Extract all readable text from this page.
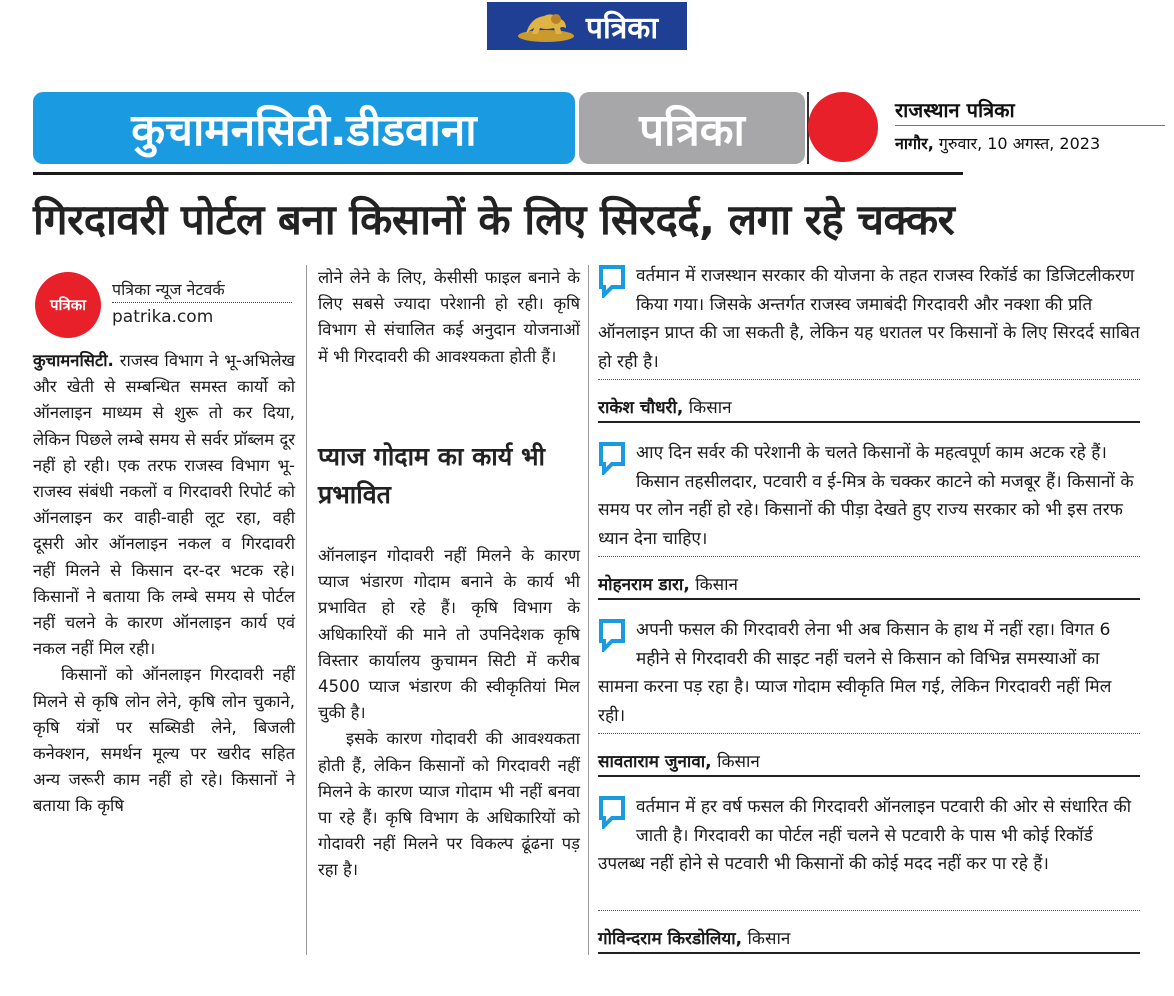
पत्रिका
कुचामनसिटी.डीडवाना	पत्रिका	राजस्थान पत्रिका
नागौर, गुरुवार, 10 अगस्त, 2023
गिरदावरी पोर्टल बना किसानों के लिए सिरदर्द, लगा रहे चक्कर
पत्रिका
पत्रिका न्यूज नेटवर्क
patrika.com

कुचामनसिटी. राजस्व विभाग ने भू-अभिलेख और खेती से सम्बन्धित समस्त कार्यो को ऑनलाइन माध्यम से शुरू तो कर दिया, लेकिन पिछले लम्बे समय से सर्वर प्रॉब्लम दूर नहीं हो रही। एक तरफ राजस्व विभाग भू-राजस्व संबंधी नकलों व गिरदावरी रिपोर्ट को ऑनलाइन कर वाही-वाही लूट रहा, वही दूसरी ओर ऑनलाइन नकल व गिरदावरी नहीं मिलने से किसान दर-दर भटक रहे। किसानों ने बताया कि लम्बे समय से पोर्टल नहीं चलने के कारण ऑनलाइन कार्य एवं नकल नहीं मिल रही।

किसानों को ऑनलाइन गिरदावरी नहीं मिलने से कृषि लोन लेने, कृषि लोन चुकाने, कृषि यंत्रों पर सब्सिडी लेने, बिजली कनेक्शन, समर्थन मूल्य पर खरीद सहित अन्य जरूरी काम नहीं हो रहे। किसानों ने बताया कि कृषि

लोने लेने के लिए, केसीसी फाइल बनाने के लिए सबसे ज्यादा परेशानी हो रही। कृषि विभाग से संचालित कई अनुदान योजनाओं में भी गिरदावरी की आवश्यकता होती हैं।

प्याज गोदाम का कार्य भी प्रभावित

ऑनलाइन गोदावरी नहीं मिलने के कारण प्याज भंडारण गोदाम बनाने के कार्य भी प्रभावित हो रहे हैं। कृषि विभाग के अधिकारियों की माने तो उपनिदेशक कृषि विस्तार कार्यालय कुचामन सिटी में करीब 4500 प्याज भंडारण की स्वीकृतियां मिल चुकी है।

इसके कारण गोदावरी की आवश्यकता होती हैं, लेकिन किसानों को गिरदावरी नहीं मिलने के कारण प्याज गोदाम भी नहीं बनवा पा रहे हैं। कृषि विभाग के अधिकारियों को गोदावरी नहीं मिलने पर विकल्प ढूंढना पड़ रहा है।

वर्तमान में राजस्थान सरकार की योजना के तहत राजस्व रिकॉर्ड का डिजिटलीकरण किया गया। जिसके अन्तर्गत राजस्व जमाबंदी गिरदावरी और नक्शा की प्रति ऑनलाइन प्राप्त की जा सकती है, लेकिन यह धरातल पर किसानों के लिए सिरदर्द साबित हो रही है।
राकेश चौधरी, किसान
आए दिन सर्वर की परेशानी के चलते किसानों के महत्वपूर्ण काम अटक रहे हैं। किसान तहसीलदार, पटवारी व ई-मित्र के चक्कर काटने को मजबूर हैं। किसानों के समय पर लोन नहीं हो रहे। किसानों की पीड़ा देखते हुए राज्य सरकार को भी इस तरफ ध्यान देना चाहिए।
मोहनराम डारा, किसान
अपनी फसल की गिरदावरी लेना भी अब किसान के हाथ में नहीं रहा। विगत 6 महीने से गिरदावरी की साइट नहीं चलने से किसान को विभिन्न समस्याओं का सामना करना पड़ रहा है। प्याज गोदाम स्वीकृति मिल गई, लेकिन गिरदावरी नहीं मिल रही।
सावताराम जुनावा, किसान
वर्तमान में हर वर्ष फसल की गिरदावरी ऑनलाइन पटवारी की ओर से संधारित की जाती है। गिरदावरी का पोर्टल नहीं चलने से पटवारी के पास भी कोई रिकॉर्ड उपलब्ध नहीं होने से पटवारी भी किसानों की कोई मदद नहीं कर पा रहे हैं।
गोविन्दराम किरडोलिया, किसान
